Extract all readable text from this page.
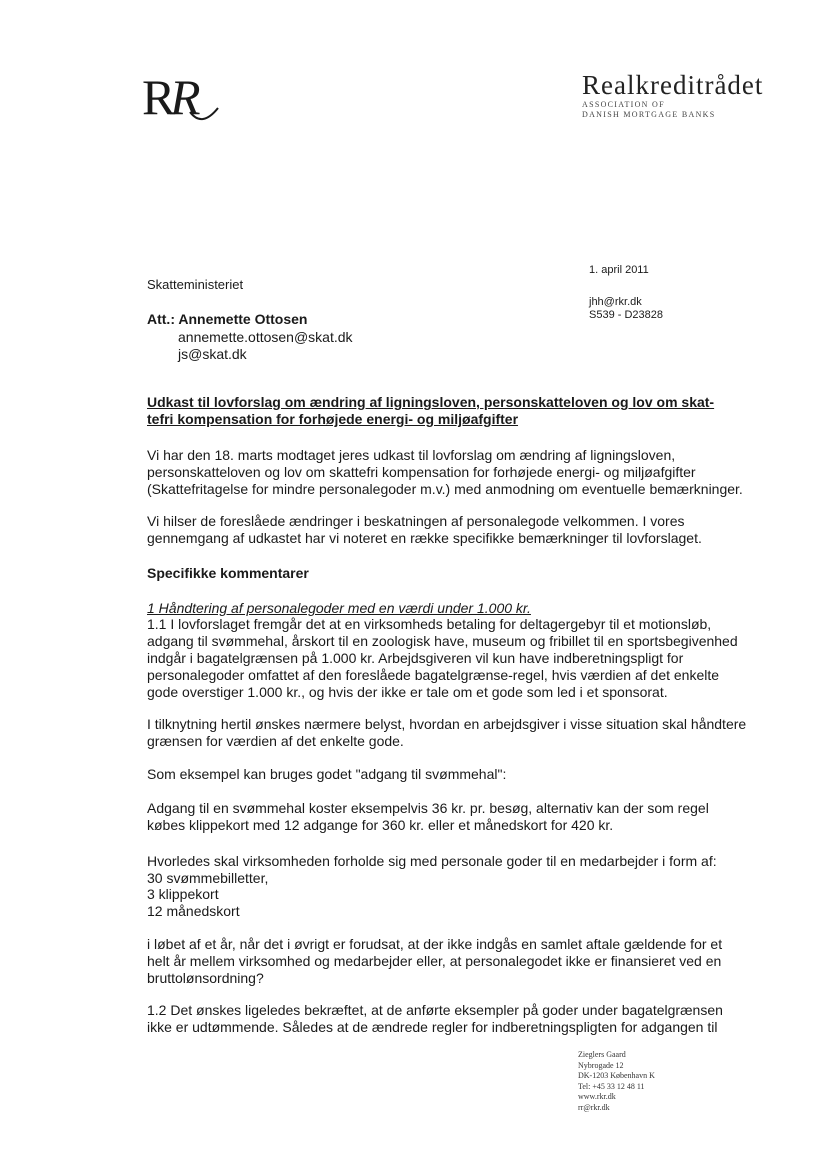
R
R	Realkreditrådet
ASSOCIATION OF
DANISH MORTGAGE BANKS
1. april 2011
jhh@rkr.dk
S539 - D23828
Skatteministeriet
Att.: Annemette Ottosen
annemette.ottosen@skat.dk
js@skat.dk
Udkast til lovforslag om ændring af ligningsloven, personskatteloven og lov om skat-
tefri kompensation for forhøjede energi- og miljøafgifter
Vi har den 18. marts modtaget jeres udkast til lovforslag om ændring af ligningsloven, personskatteloven og lov om skattefri kompensation for forhøjede energi- og miljøafgifter (Skattefritagelse for mindre personalegoder m.v.) med anmodning om eventuelle bemærkninger.
Vi hilser de foreslåede ændringer i beskatningen af personalegode velkommen. I vores gennemgang af udkastet har vi noteret en række specifikke bemærkninger til lovforslaget.
Specifikke kommentarer
1 Håndtering af personalegoder med en værdi under 1.000 kr.
1.1 I lovforslaget fremgår det at en virksomheds betaling for deltagergebyr til et motionsløb, adgang til svømmehal, årskort til en zoologisk have, museum og fribillet til en sportsbegivenhed indgår i bagatelgrænsen på 1.000 kr. Arbejdsgiveren vil kun have indberetningspligt for personalegoder omfattet af den foreslåede bagatelgrænse-regel, hvis værdien af det enkelte gode overstiger 1.000 kr., og hvis der ikke er tale om et gode som led i et sponsorat.
I tilknytning hertil ønskes nærmere belyst, hvordan en arbejdsgiver i visse situation skal håndtere grænsen for værdien af det enkelte gode.
Som eksempel kan bruges godet "adgang til svømmehal":
Adgang til en svømmehal koster eksempelvis 36 kr. pr. besøg, alternativ kan der som regel købes klippekort med 12 adgange for 360 kr. eller et månedskort for 420 kr.
Hvorledes skal virksomheden forholde sig med personale goder til en medarbejder i form af:
30 svømmebilletter,
3 klippekort
12 månedskort
i løbet af et år, når det i øvrigt er forudsat, at der ikke indgås en samlet aftale gældende for et helt år mellem virksomhed og medarbejder eller, at personalegodet ikke er finansieret ved en bruttolønsordning?
1.2 Det ønskes ligeledes bekræftet, at de anførte eksempler på goder under bagatelgrænsen ikke er udtømmende. Således at de ændrede regler for indberetningspligten for adgangen til
Zieglers Gaard
Nybrogade 12
DK-1203 København K
Tel: +45 33 12 48 11
www.rkr.dk
rr@rkr.dk
